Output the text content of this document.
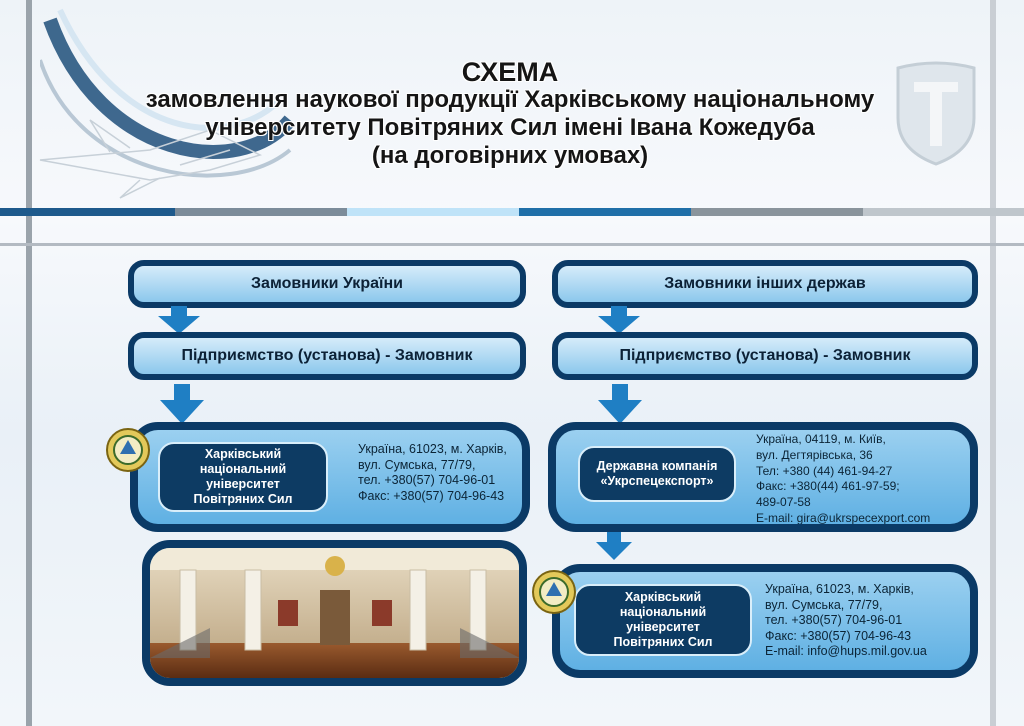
СХЕМА
замовлення наукової продукції Харківському національному
університету Повітряних Сил імені Івана Кожедуба
(на договірних умовах)
Замовники України
Підприємство (установа) - Замовник
Харківський
національний
університет
Повітряних Сил
Україна, 61023, м. Харків,
вул. Сумська, 77/79,
тел. +380(57) 704-96-01
Факс: +380(57) 704-96-43
Замовники інших держав
Підприємство (установа) - Замовник
Державна компанія
«Укрспецекспорт»
Україна, 04119, м. Київ,
вул. Дегтярівська, 36
Тел: +380 (44) 461-94-27
Факс: +380(44) 461-97-59;
489-07-58
E-mail: gira@ukrspecexport.com
Харківський
національний
університет
Повітряних Сил
Україна, 61023, м. Харків,
вул. Сумська, 77/79,
тел. +380(57) 704-96-01
Факс: +380(57) 704-96-43
E-mail: info@hups.mil.gov.ua
